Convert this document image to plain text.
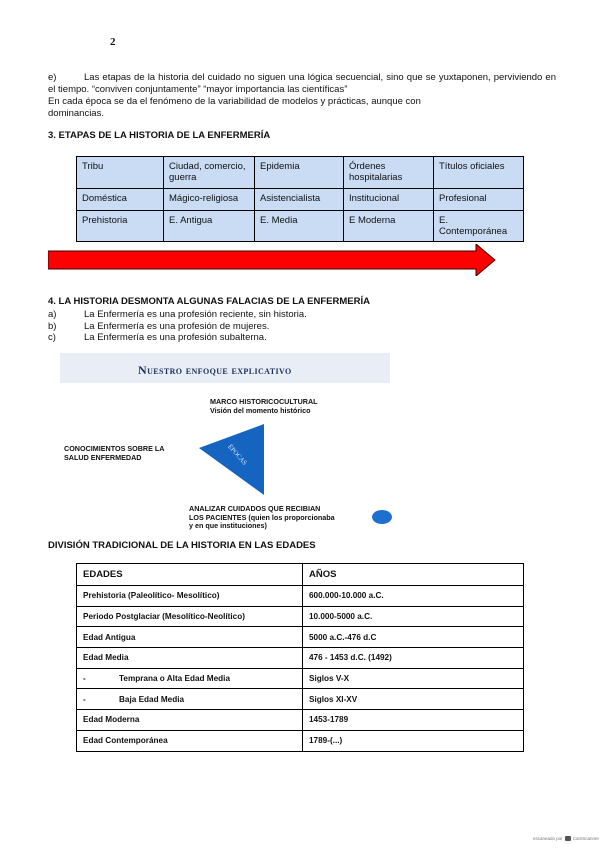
2
e)	Las etapas de la historia del cuidado no siguen una lógica secuencial, sino que se yuxtaponen, perviviendo en el tiempo. “conviven conjuntamente” “mayor importancia las científicas”
En cada época se da el fenómeno de la variabilidad de modelos y prácticas, aunque con dominancias.
3. ETAPAS DE LA HISTORIA DE LA ENFERMERÍA
Tribu	Ciudad, comercio, guerra	Epidemia	Órdenes hospitalarias	Títulos oficiales
Doméstica	Mágico-religiosa	Asistencialista	Institucional	Profesional
Prehistoria	E. Antigua	E. Media	E Moderna	E. Contemporánea
4. LA HISTORIA DESMONTA ALGUNAS FALACIAS DE LA ENFERMERÍA
a)	La Enfermería es una profesión reciente, sin historia.
b)	La Enfermería es una profesión de mujeres.
c)	La Enfermería es una profesión subalterna.
Nuestro enfoque explicativo
ÉPOCAS
MARCO HISTORICOCULTURAL
Visión del momento histórico
CONOCIMIENTOS SOBRE LA
SALUD ENFERMEDAD
ANALIZAR CUIDADOS QUE RECIBIAN
LOS PACIENTES (quien los proporcionaba
y en que instituciones)
DIVISIÓN TRADICIONAL DE LA HISTORIA EN LAS EDADES
EDADES	AÑOS
Prehistoria (Paleolítico- Mesolítico)	600.000-10.000 a.C.
Periodo Postglaciar (Mesolítico-Neolítico)	10.000-5000 a.C.
Edad Antigua	5000 a.C.-476 d.C
Edad Media	476 - 1453 d.C. (1492)
- Temprana o Alta Edad Media	Siglos V-X
- Baja Edad Media	Siglos XI-XV
Edad Moderna	1453-1789
Edad Contemporánea	1789-(...)
escaneado por CamScanner
